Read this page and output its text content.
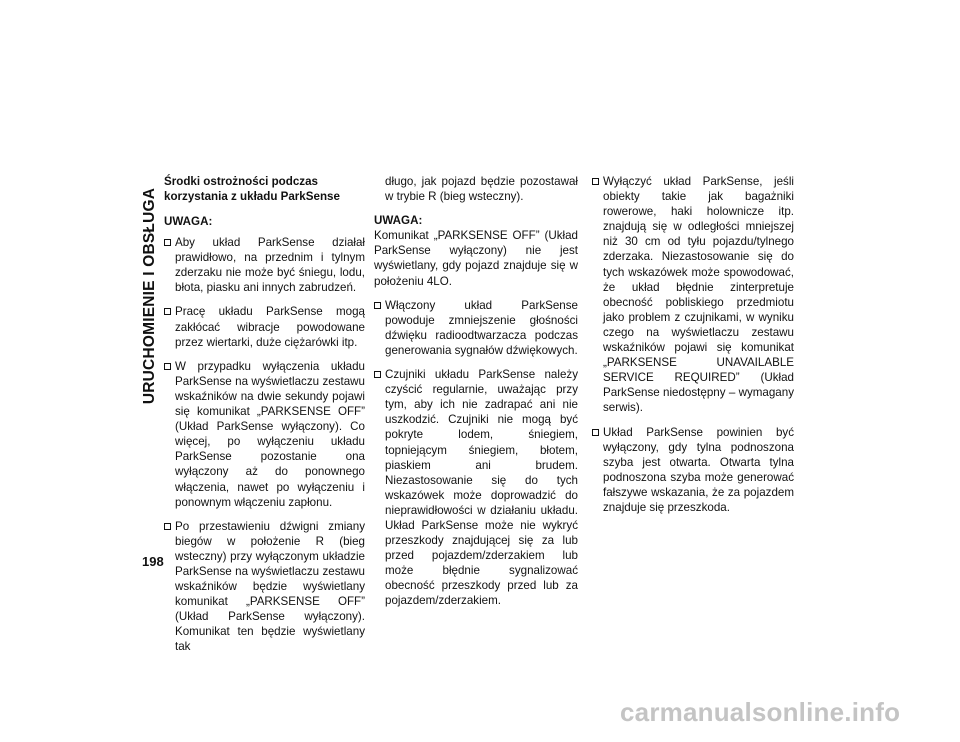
URUCHOMIENIE I OBSŁUGA
198

Środki ostrożności podczas korzystania z układu ParkSense

UWAGA:

Aby układ ParkSense działał prawidłowo, na przednim i tylnym zderzaku nie może być śniegu, lodu, błota, piasku ani innych zabrudzeń.
Pracę układu ParkSense mogą zakłócać wibracje powodowane przez wiertarki, duże ciężarówki itp.
W przypadku wyłączenia układu ParkSense na wyświetlaczu zestawu wskaźników na dwie sekundy pojawi się komunikat „PARKSENSE OFF” (Układ ParkSense wyłączony). Co więcej, po wyłączeniu układu ParkSense pozostanie ona wyłączony aż do ponownego włączenia, nawet po wyłączeniu i ponownym włączeniu zapłonu.
Po przestawieniu dźwigni zmiany biegów w położenie R (bieg wsteczny) przy wyłączonym układzie ParkSense na wyświetlaczu zestawu wskaźników będzie wyświetlany komunikat „PARKSENSE OFF” (Układ ParkSense wyłączony). Komunikat ten będzie wyświetlany tak

długo, jak pojazd będzie pozostawał w trybie R (bieg wsteczny).

UWAGA:

Komunikat „PARKSENSE OFF” (Układ ParkSense wyłączony) nie jest wyświetlany, gdy pojazd znajduje się w położeniu 4LO.

Włączony układ ParkSense powoduje zmniejszenie głośności dźwięku radioodtwarzacza podczas generowania sygnałów dźwiękowych.
Czujniki układu ParkSense należy czyścić regularnie, uważając przy tym, aby ich nie zadrapać ani nie uszkodzić. Czujniki nie mogą być pokryte lodem, śniegiem, topniejącym śniegiem, błotem, piaskiem ani brudem. Niezastosowanie się do tych wskazówek może doprowadzić do nieprawidłowości w działaniu układu. Układ ParkSense może nie wykryć przeszkody znajdującej się za lub przed pojazdem/zderzakiem lub może błędnie sygnalizować obecność przeszkody przed lub za pojazdem/zderzakiem.
Wyłączyć układ ParkSense, jeśli obiekty takie jak bagażniki rowerowe, haki holownicze itp. znajdują się w odległości mniejszej niż 30 cm od tyłu pojazdu/tylnego zderzaka. Niezastosowanie się do tych wskazówek może spowodować, że układ błędnie zinterpretuje obecność pobliskiego przedmiotu jako problem z czujnikami, w wyniku czego na wyświetlaczu zestawu wskaźników pojawi się komunikat „PARKSENSE UNAVAILABLE SERVICE REQUIRED” (Układ ParkSense niedostępny – wymagany serwis).
Układ ParkSense powinien być wyłączony, gdy tylna podnoszona szyba jest otwarta. Otwarta tylna podnoszona szyba może generować fałszywe wskazania, że za pojazdem znajduje się przeszkoda.
carmanualsonline.info
